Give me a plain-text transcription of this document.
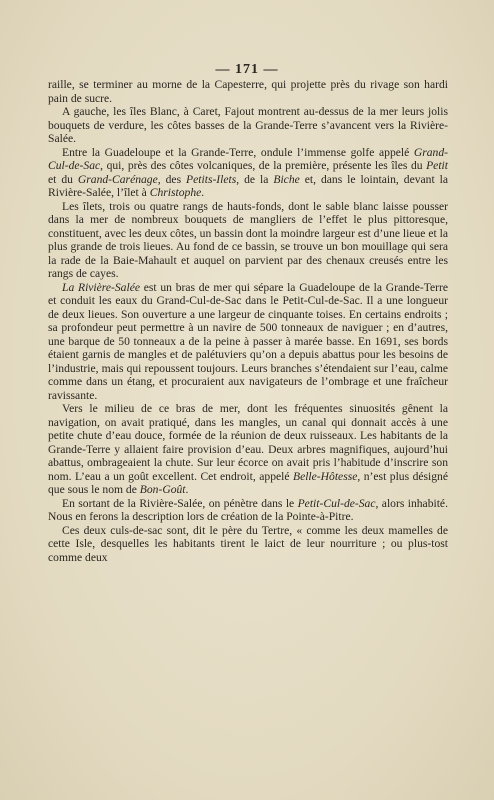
— 171 —

raille, se terminer au morne de la Capesterre, qui projette près du rivage son hardi pain de sucre.

A gauche, les îles Blanc, à Caret, Fajout montrent au-dessus de la mer leurs jolis bouquets de verdure, les côtes basses de la Grande-Terre s’avancent vers la Rivière-Salée.

Entre la Guadeloupe et la Grande-Terre, ondule l’immense golfe appelé Grand-Cul-de-Sac, qui, près des côtes volcaniques, de la première, présente les îles du Petit et du Grand-Carénage, des Petits-Ilets, de la Biche et, dans le lointain, devant la Rivière-Salée, l’îlet à Christophe.

Les îlets, trois ou quatre rangs de hauts-fonds, dont le sable blanc laisse pousser dans la mer de nombreux bouquets de mangliers de l’effet le plus pittoresque, constituent, avec les deux côtes, un bassin dont la moindre largeur est d’une lieue et la plus grande de trois lieues. Au fond de ce bassin, se trouve un bon mouillage qui sera la rade de la Baie-Mahault et auquel on parvient par des chenaux creusés entre les rangs de cayes.

La Rivière-Salée est un bras de mer qui sépare la Guadeloupe de la Grande-Terre et conduit les eaux du Grand-Cul-de-Sac dans le Petit-Cul-de-Sac. Il a une longueur de deux lieues. Son ouverture a une largeur de cinquante toises. En certains endroits ; sa profondeur peut permettre à un navire de 500 tonneaux de naviguer ; en d’autres, une barque de 50 tonneaux a de la peine à passer à marée basse. En 1691, ses bords étaient garnis de mangles et de palétuviers qu’on a depuis abattus pour les besoins de l’industrie, mais qui repoussent toujours. Leurs branches s’étendaient sur l’eau, calme comme dans un étang, et procuraient aux navigateurs de l’ombrage et une fraîcheur ravissante.

Vers le milieu de ce bras de mer, dont les fréquentes sinuosités gênent la navigation, on avait pratiqué, dans les mangles, un canal qui donnait accès à une petite chute d’eau douce, formée de la réunion de deux ruisseaux. Les habitants de la Grande-Terre y allaient faire provision d’eau. Deux arbres magnifiques, aujourd’hui abattus, ombrageaient la chute. Sur leur écorce on avait pris l’habitude d’inscrire son nom. L’eau a un goût excellent. Cet endroit, appelé Belle-Hôtesse, n’est plus désigné que sous le nom de Bon-Goût.

En sortant de la Rivière-Salée, on pénètre dans le Petit-Cul-de-Sac, alors inhabité. Nous en ferons la description lors de création de la Pointe-à-Pitre.

Ces deux culs-de-sac sont, dit le père du Tertre, « comme les deux mamelles de cette Isle, desquelles les habitants tirent le laict de leur nourriture ; ou plus-tost comme deux
